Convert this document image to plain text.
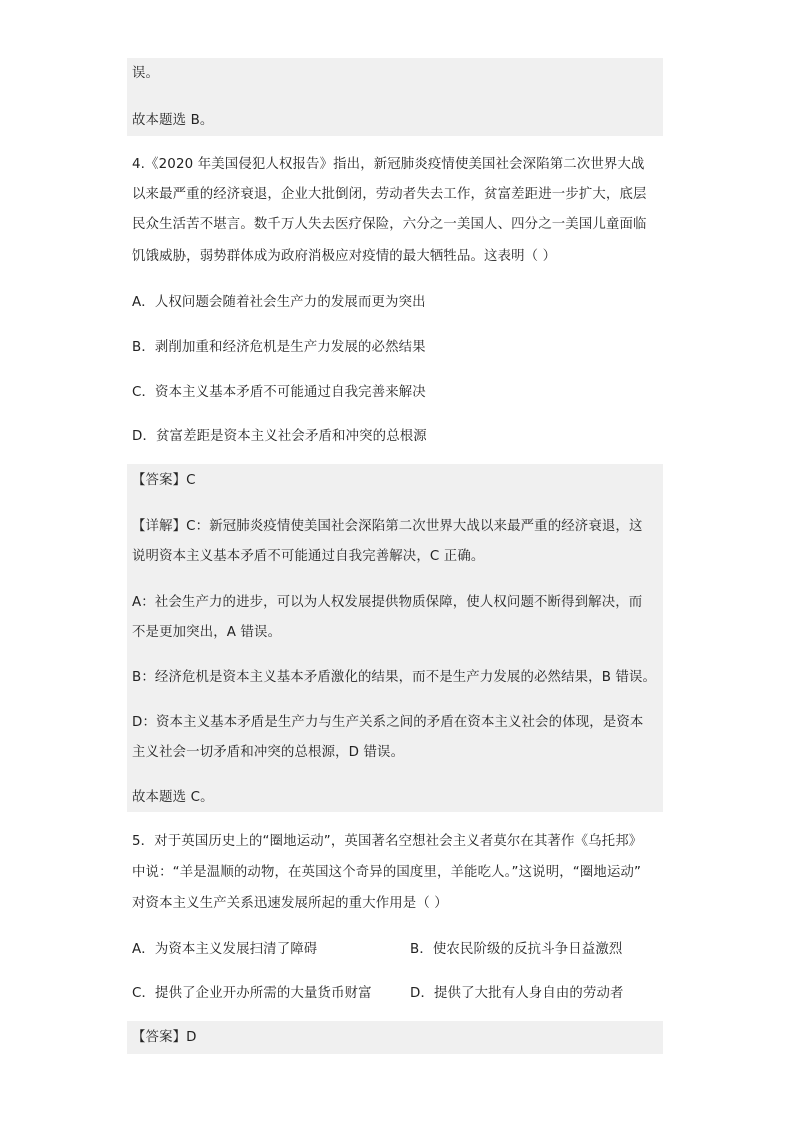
误。
故本题选 B。
4.《2020 年美国侵犯人权报告》指出，新冠肺炎疫情使美国社会深陷第二次世界大战
以来最严重的经济衰退，企业大批倒闭，劳动者失去工作，贫富差距进一步扩大，底层
民众生活苦不堪言。数千万人失去医疗保险，六分之一美国人、四分之一美国儿童面临
饥饿威胁，弱势群体成为政府消极应对疫情的最大牺牲品。这表明（ ）
A．人权问题会随着社会生产力的发展而更为突出
B．剥削加重和经济危机是生产力发展的必然结果
C．资本主义基本矛盾不可能通过自我完善来解决
D．贫富差距是资本主义社会矛盾和冲突的总根源
【答案】C
【详解】C：新冠肺炎疫情使美国社会深陷第二次世界大战以来最严重的经济衰退，这
说明资本主义基本矛盾不可能通过自我完善解决，C 正确。
A：社会生产力的进步，可以为人权发展提供物质保障，使人权问题不断得到解决，而
不是更加突出，A 错误。
B：经济危机是资本主义基本矛盾激化的结果，而不是生产力发展的必然结果，B 错误。
D：资本主义基本矛盾是生产力与生产关系之间的矛盾在资本主义社会的体现，是资本
主义社会一切矛盾和冲突的总根源，D 错误。
故本题选 C。
5．对于英国历史上的“圈地运动”，英国著名空想社会主义者莫尔在其著作《乌托邦》
中说：“羊是温顺的动物，在英国这个奇异的国度里，羊能吃人。”这说明，“圈地运动”
对资本主义生产关系迅速发展所起的重大作用是（ ）
A．为资本主义发展扫清了障碍	B．使农民阶级的反抗斗争日益激烈
C．提供了企业开办所需的大量货币财富	D．提供了大批有人身自由的劳动者
【答案】D
